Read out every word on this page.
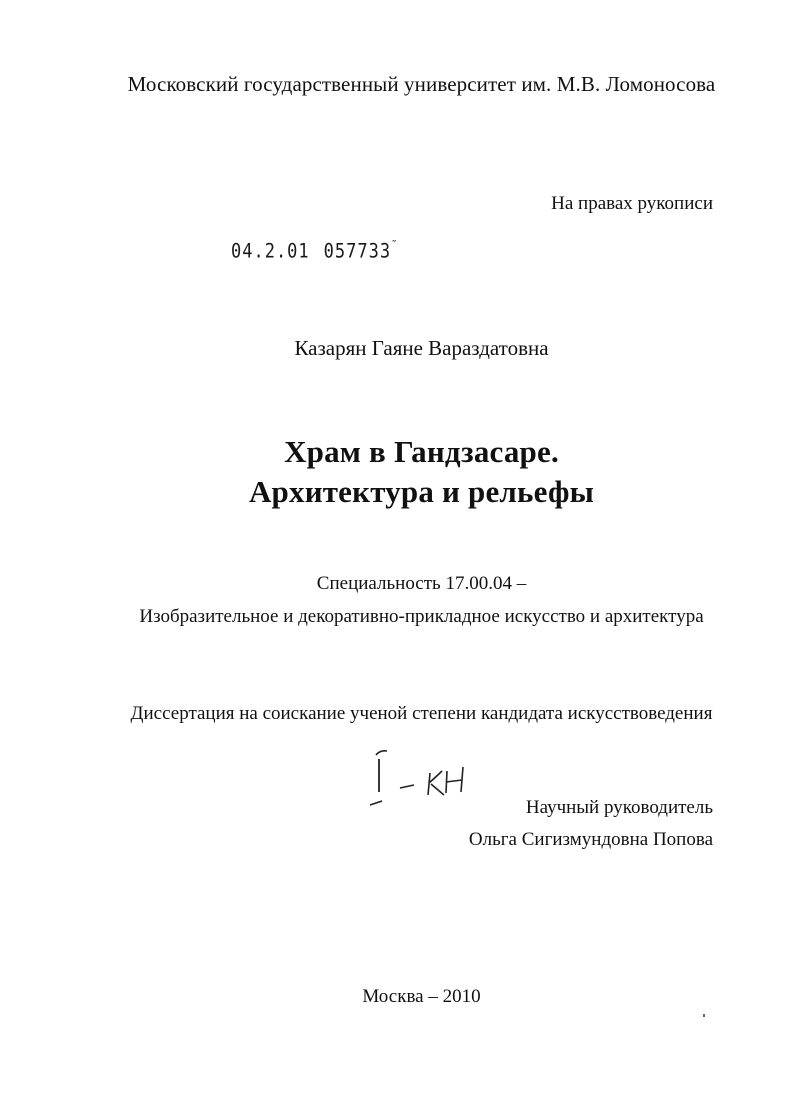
Московский государственный университет им. М.В. Ломоносова
На правах рукописи
04.2.01 057733˜
Казарян Гаяне Вараздатовна
Храм в Гандзасаре.
Архитектура и рельефы
Специальность 17.00.04 –
Изобразительное и декоративно-прикладное искусство и архитектура
Диссертация на соискание ученой степени кандидата искусствоведения
Научный руководитель
Ольга Сигизмундовна Попова
Москва – 2010
